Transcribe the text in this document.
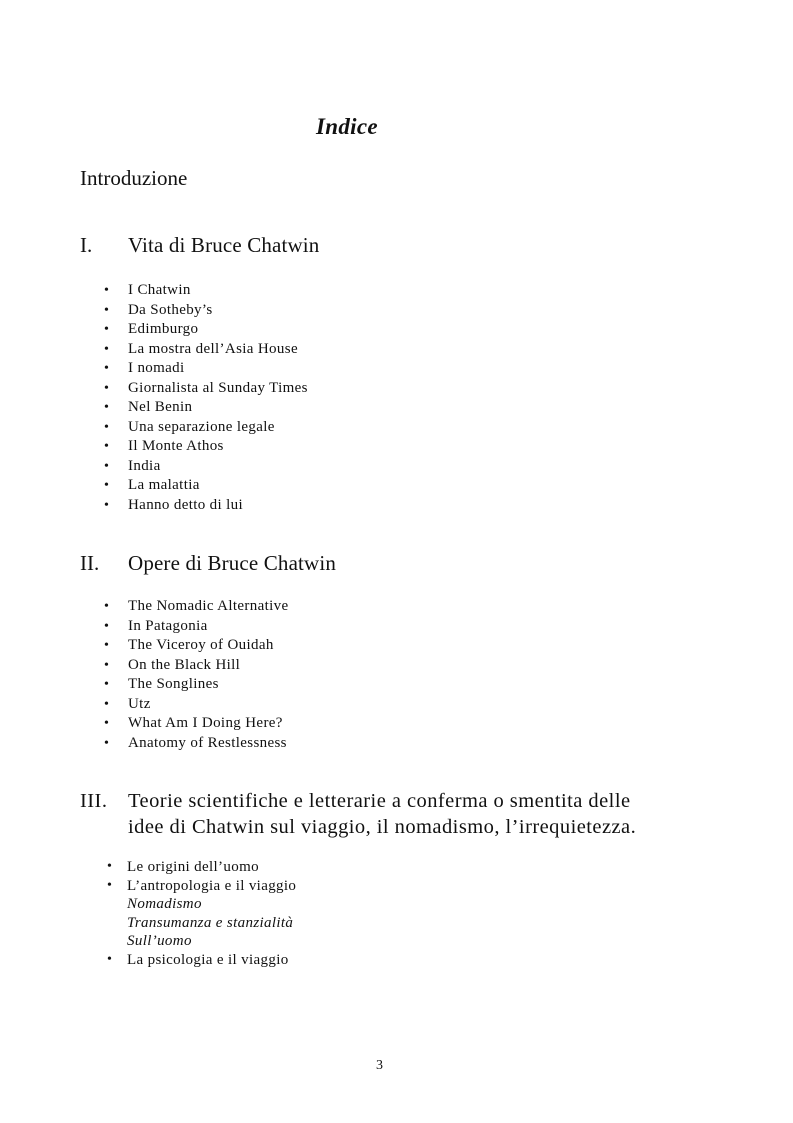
Indice
Introduzione
I. Vita di Bruce Chatwin
• I Chatwin
• Da Sotheby’s
• Edimburgo
• La mostra dell’Asia House
• I nomadi
• Giornalista al Sunday Times
• Nel Benin
• Una separazione legale
• Il Monte Athos
• India
• La malattia
• Hanno detto di lui
II. Opere di Bruce Chatwin
• The Nomadic Alternative
• In Patagonia
• The Viceroy of Ouidah
• On the Black Hill
• The Songlines
• Utz
• What Am I Doing Here?
• Anatomy of Restlessness
III. Teorie scientifiche e letterarie a conferma o smentita delle
idee di Chatwin sul viaggio, il nomadismo, l’irrequietezza.
• Le origini dell’uomo
• L’antropologia e il viaggio
Nomadismo
Transumanza e stanzialità
Sull’uomo
• La psicologia e il viaggio
3
